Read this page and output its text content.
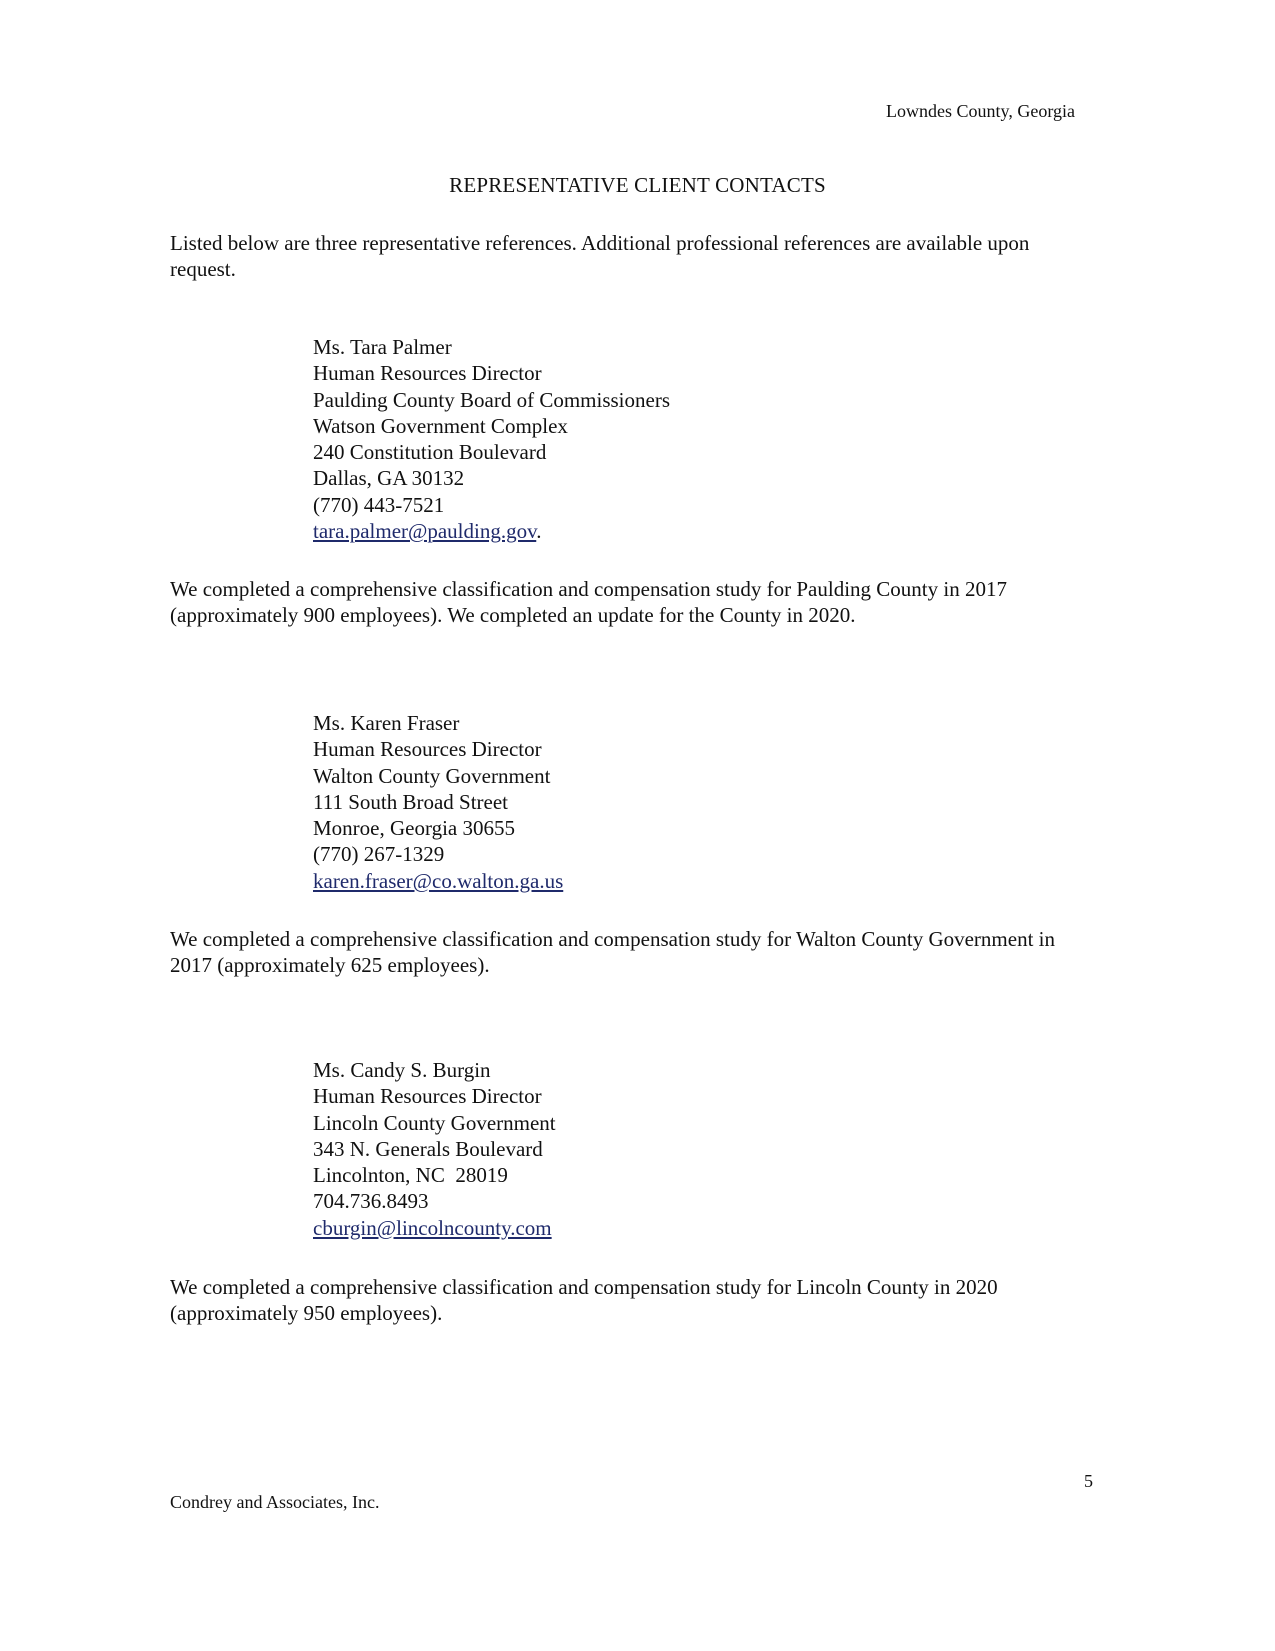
Lowndes County, Georgia
REPRESENTATIVE CLIENT CONTACTS

Listed below are three representative references. Additional professional references are available upon request.

Ms. Tara Palmer
Human Resources Director
Paulding County Board of Commissioners
Watson Government Complex
240 Constitution Boulevard
Dallas, GA 30132
(770) 443-7521
tara.palmer@paulding.gov.

We completed a comprehensive classification and compensation study for Paulding County in 2017 (approximately 900 employees). We completed an update for the County in 2020.

Ms. Karen Fraser
Human Resources Director
Walton County Government
111 South Broad Street
Monroe, Georgia 30655
(770) 267-1329
karen.fraser@co.walton.ga.us

We completed a comprehensive classification and compensation study for Walton County Government in 2017 (approximately 625 employees).

Ms. Candy S. Burgin
Human Resources Director
Lincoln County Government
343 N. Generals Boulevard
Lincolnton, NC  28019
704.736.8493
cburgin@lincolncounty.com

We completed a comprehensive classification and compensation study for Lincoln County in 2020 (approximately 950 employees).

5
Condrey and Associates, Inc.
